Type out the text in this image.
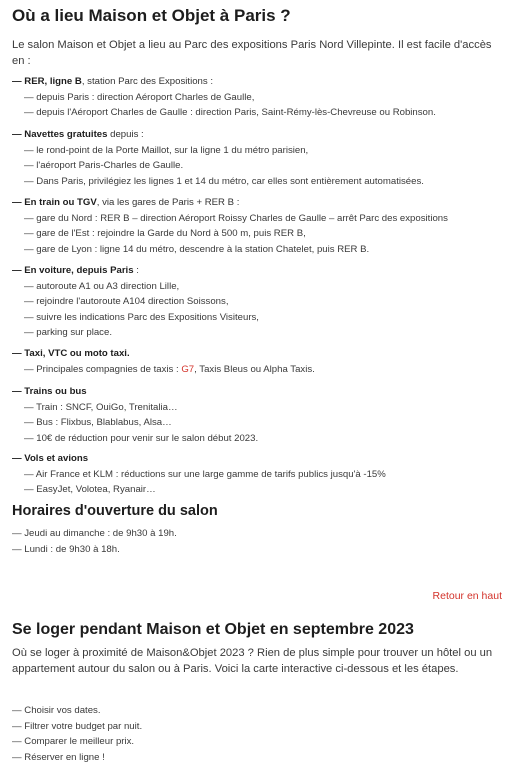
Où a lieu Maison et Objet à Paris ?

Le salon Maison et Objet a lieu au Parc des expositions Paris Nord Villepinte. Il est facile d'accès en :

— RER, ligne B, station Parc des Expositions :
— depuis Paris : direction Aéroport Charles de Gaulle,
— depuis l'Aéroport Charles de Gaulle : direction Paris, Saint-Rémy-lès-Chevreuse ou Robinson.
— Navettes gratuites depuis :
— le rond-point de la Porte Maillot, sur la ligne 1 du métro parisien,
— l'aéroport Paris-Charles de Gaulle.
— Dans Paris, privilégiez les lignes 1 et 14 du métro, car elles sont entièrement automatisées.
— En train ou TGV, via les gares de Paris + RER B :
— gare du Nord : RER B – direction Aéroport Roissy Charles de Gaulle – arrêt Parc des expositions
— gare de l'Est : rejoindre la Garde du Nord à 500 m, puis RER B,
— gare de Lyon : ligne 14 du métro, descendre à la station Chatelet, puis RER B.
— En voiture, depuis Paris :
— autoroute A1 ou A3 direction Lille,
— rejoindre l'autoroute A104 direction Soissons,
— suivre les indications Parc des Expositions Visiteurs,
— parking sur place.
— Taxi, VTC ou moto taxi.
— Principales compagnies de taxis : G7, Taxis Bleus ou Alpha Taxis.
— Trains ou bus
— Train : SNCF, OuiGo, Trenitalia…
— Bus : Flixbus, Blablabus, Alsa…
— 10€ de réduction pour venir sur le salon début 2023.
— Vols et avions
— Air France et KLM : réductions sur une large gamme de tarifs publics jusqu'à -15%
— EasyJet, Volotea, Ryanair…
Horaires d'ouverture du salon
— Jeudi au dimanche : de 9h30 à 19h.
— Lundi : de 9h30 à 18h.
Retour en haut
Se loger pendant Maison et Objet en septembre 2023

Où se loger à proximité de Maison&Objet 2023 ? Rien de plus simple pour trouver un hôtel ou un appartement autour du salon ou à Paris. Voici la carte interactive ci-dessous et les étapes.

— Choisir vos dates.
— Filtrer votre budget par nuit.
— Comparer le meilleur prix.
— Réserver en ligne !
